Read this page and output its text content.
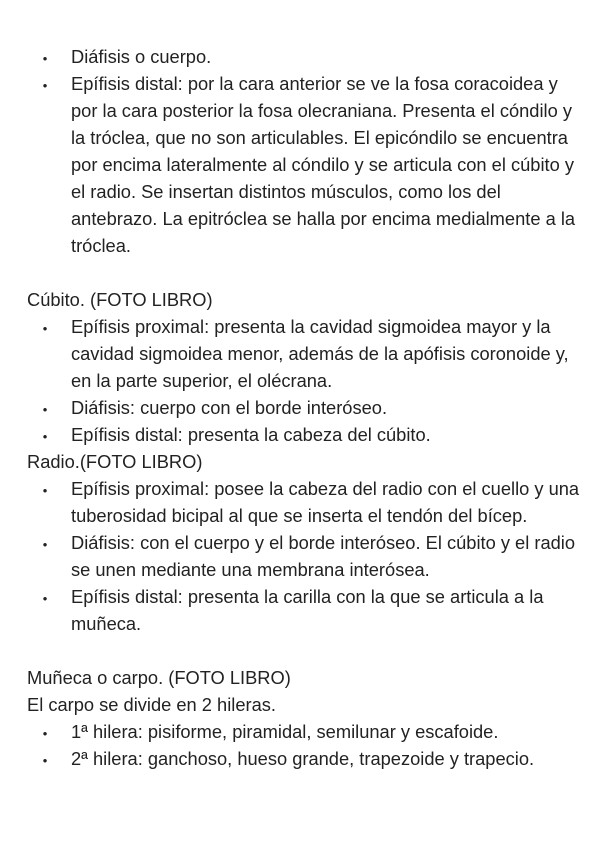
•
Diáfisis o cuerpo.
•
Epífisis distal: por la cara anterior se ve la fosa coracoidea y por la cara posterior la fosa olecraniana. Presenta el cóndilo y la tróclea, que no son articulables. El epicóndilo se encuentra por encima lateralmente al cóndilo y se articula con el cúbito y el radio. Se insertan distintos músculos, como los del antebrazo. La epitróclea se halla por encima medialmente a la tróclea.

Cúbito. (FOTO LIBRO)

•
Epífisis proximal: presenta la cavidad sigmoidea mayor y la cavidad sigmoidea menor, además de la apófisis coronoide y, en la parte superior, el olécrana.
•
Diáfisis: cuerpo con el borde interóseo.
•
Epífisis distal: presenta la cabeza del cúbito.

Radio.(FOTO LIBRO)

•
Epífisis proximal: posee la cabeza del radio con el cuello y una tuberosidad bicipal al que se inserta el tendón del bícep.
•
Diáfisis: con el cuerpo y el borde interóseo. El cúbito y el radio se unen mediante una membrana interósea.
•
Epífisis distal: presenta la carilla con la que se articula a la muñeca.

Muñeca o carpo. (FOTO LIBRO)

El carpo se divide en 2 hileras.

•
1ª hilera: pisiforme, piramidal, semilunar y escafoide.
•
2ª hilera: ganchoso, hueso grande, trapezoide y trapecio.
